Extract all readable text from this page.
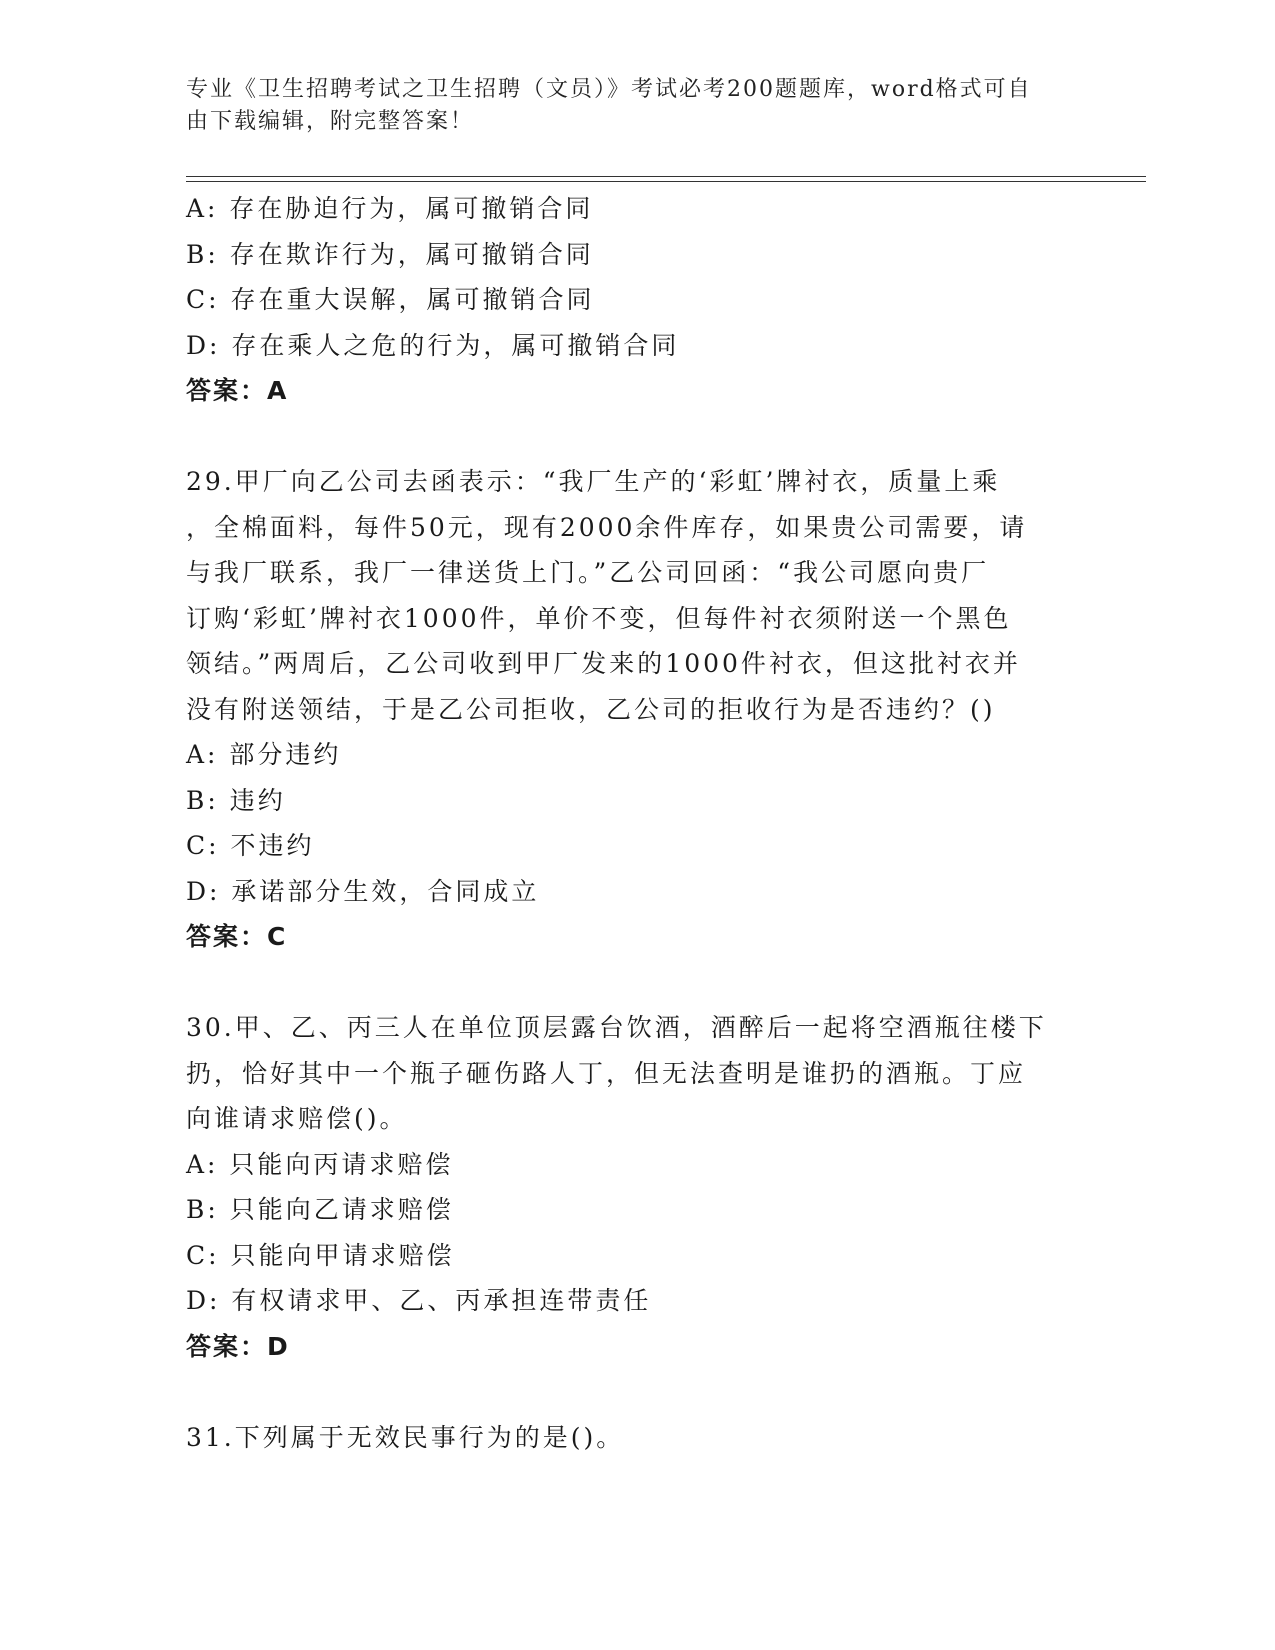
专业《卫生招聘考试之卫生招聘（文员）》考试必考200题题库，word格式可自
由下载编辑，附完整答案！
A: 存在胁迫行为，属可撤销合同
B: 存在欺诈行为，属可撤销合同
C: 存在重大误解，属可撤销合同
D: 存在乘人之危的行为，属可撤销合同
答案：A
29.甲厂向乙公司去函表示：“我厂生产的‘彩虹’牌衬衣，质量上乘
，全棉面料，每件50元，现有2000余件库存，如果贵公司需要，请
与我厂联系，我厂一律送货上门。”乙公司回函：“我公司愿向贵厂
订购‘彩虹’牌衬衣1000件，单价不变，但每件衬衣须附送一个黑色
领结。”两周后，乙公司收到甲厂发来的1000件衬衣，但这批衬衣并
没有附送领结，于是乙公司拒收，乙公司的拒收行为是否违约？()
A: 部分违约
B: 违约
C: 不违约
D: 承诺部分生效，合同成立
答案：C
30.甲、乙、丙三人在单位顶层露台饮酒，酒醉后一起将空酒瓶往楼下
扔，恰好其中一个瓶子砸伤路人丁，但无法查明是谁扔的酒瓶。丁应
向谁请求赔偿()。
A: 只能向丙请求赔偿
B: 只能向乙请求赔偿
C: 只能向甲请求赔偿
D: 有权请求甲、乙、丙承担连带责任
答案：D
31.下列属于无效民事行为的是()。
